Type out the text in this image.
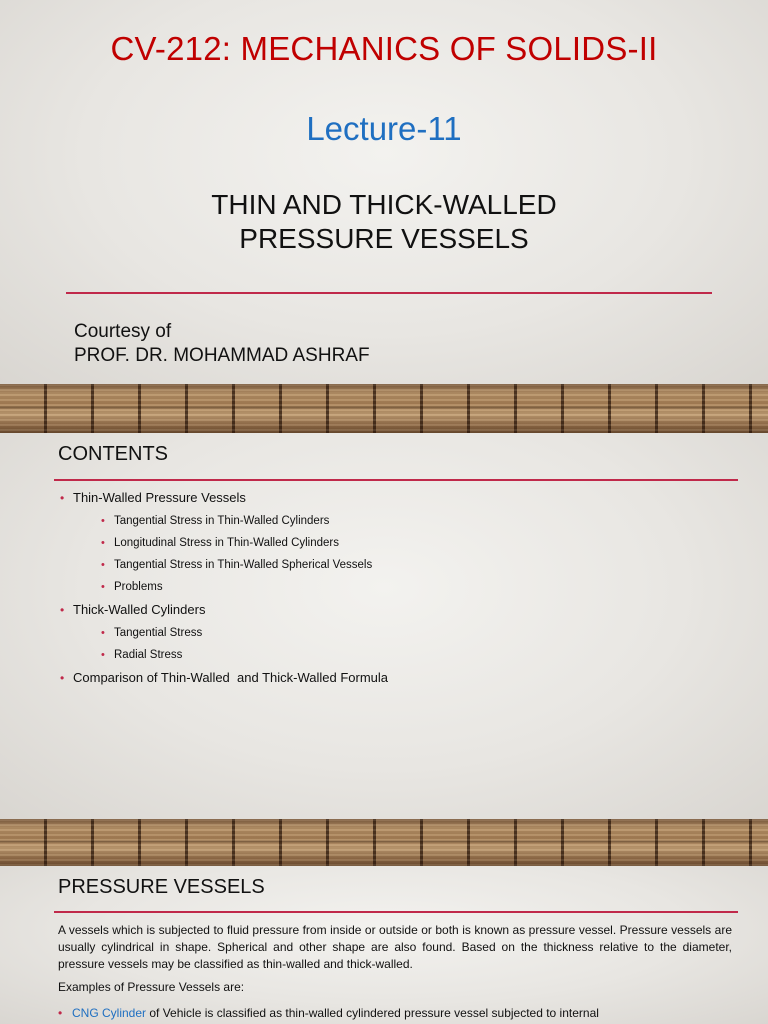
CV-212: MECHANICS OF SOLIDS-II
Lecture-11
THIN AND THICK-WALLED
PRESSURE VESSELS
Courtesy of
PROF. DR. MOHAMMAD ASHRAF
CONTENTS
• Thin-Walled Pressure Vessels
• Tangential Stress in Thin-Walled Cylinders
• Longitudinal Stress in Thin-Walled Cylinders
• Tangential Stress in Thin-Walled Spherical Vessels
• Problems
• Thick-Walled Cylinders
• Tangential Stress
• Radial Stress
• Comparison of Thin-Walled  and Thick-Walled Formula
PRESSURE VESSELS
A vessels which is subjected to fluid pressure from inside or outside or both is known as pressure vessel. Pressure vessels are usually cylindrical in shape. Spherical and other shape are also found. Based on the thickness relative to the diameter, pressure vessels may be classified as thin-walled and thick-walled.
Examples of Pressure Vessels are:
• CNG Cylinder of Vehicle is classified as thin-walled cylindered pressure vessel subjected to internal
